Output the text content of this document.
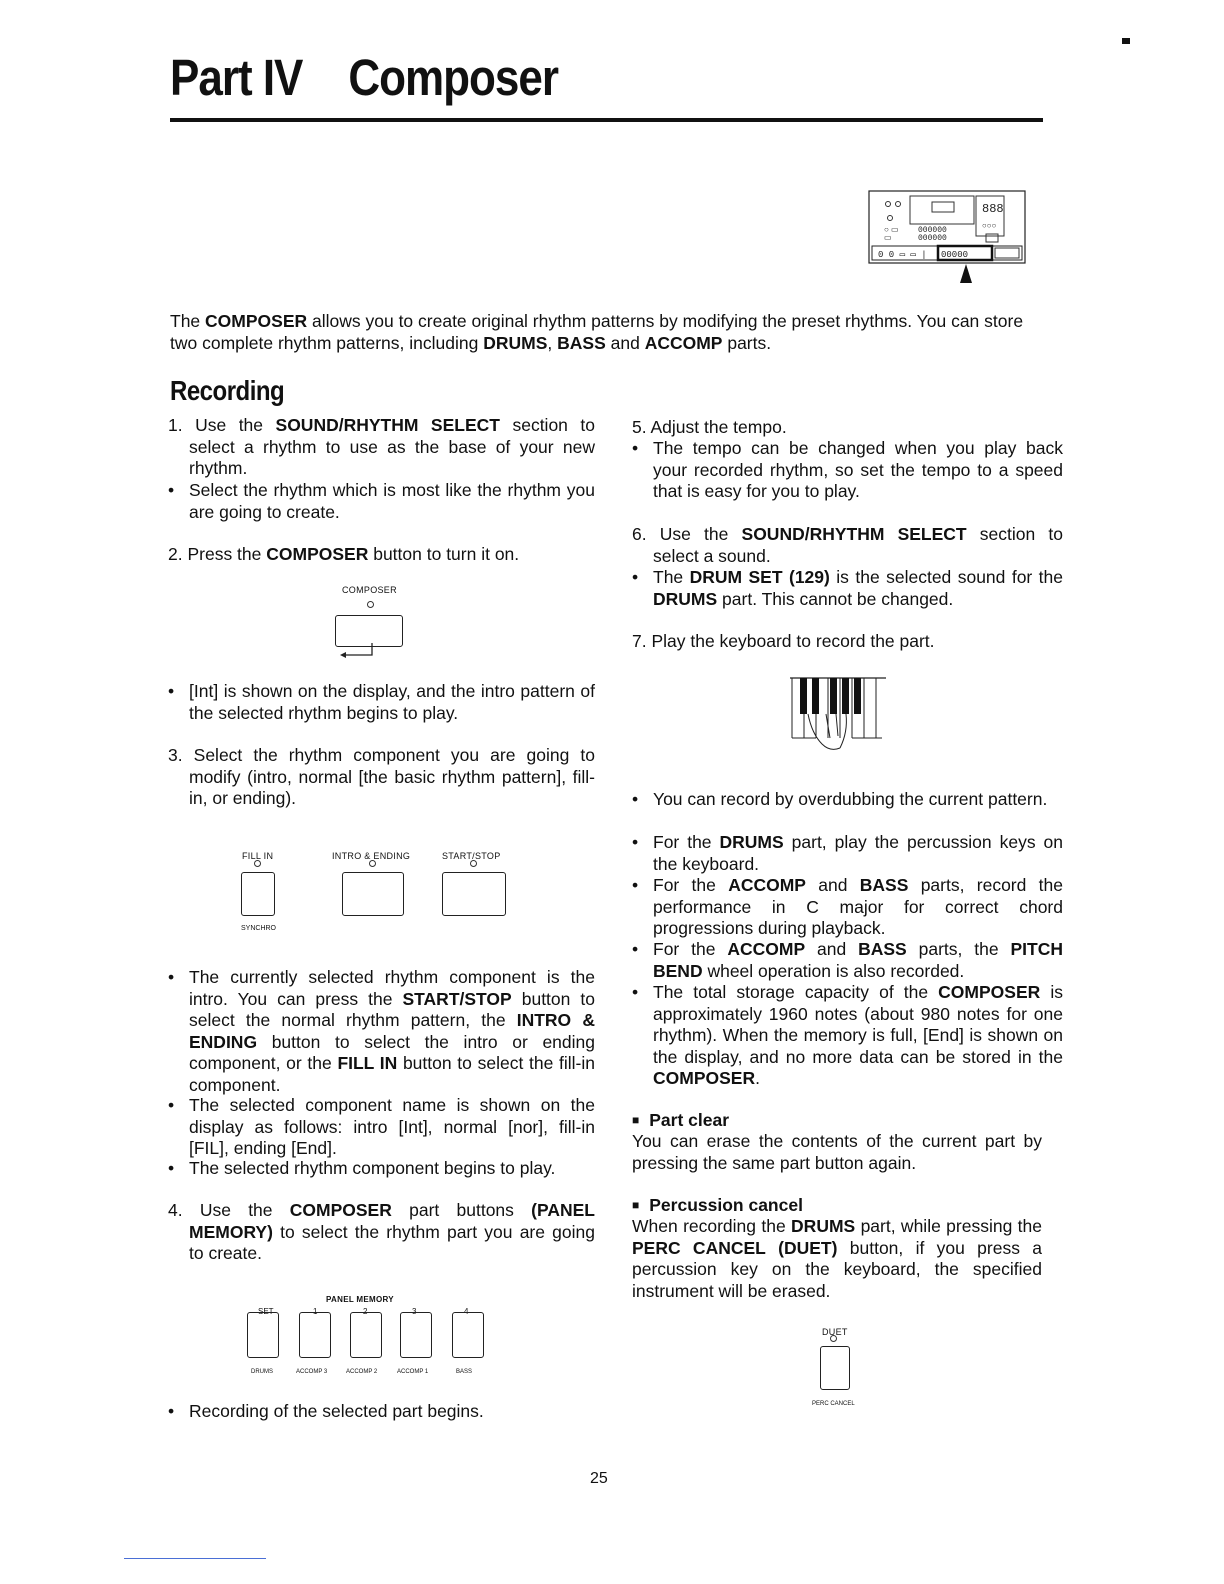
Part IV Composer
888
○○○
000000
000000
○ ▭
▭
0 0 ▭ ▭ | 00000
The COMPOSER allows you to create original rhythm patterns by modifying the preset rhythms. You can store two complete rhythm patterns, including DRUMS, BASS and ACCOMP parts.
Recording
1. Use the SOUND/RHYTHM SELECT section to select a rhythm to use as the base of your new rhythm.
• Select the rhythm which is most like the rhythm you are going to create.
2. Press the COMPOSER button to turn it on.
COMPOSER
• [Int] is shown on the display, and the intro pattern of the selected rhythm begins to play.
3. Select the rhythm component you are going to modify (intro, normal [the basic rhythm pattern], fill-in, or ending).
FILL IN	INTRO & ENDING	START/STOP
SYNCHRO
• The currently selected rhythm component is the intro. You can press the START/STOP button to select the normal rhythm pattern, the INTRO & ENDING button to select the intro or ending component, or the FILL IN button to select the fill-in component.
• The selected component name is shown on the display as follows: intro [Int], normal [nor], fill-in [FIL], ending [End].
• The selected rhythm component begins to play.
4. Use the COMPOSER part buttons (PANEL MEMORY) to select the rhythm part you are going to create.
PANEL MEMORY
SET	1	2	3	4
DRUMS	ACCOMP 3	ACCOMP 2	ACCOMP 1	BASS
• Recording of the selected part begins.
5. Adjust the tempo.
• The tempo can be changed when you play back your recorded rhythm, so set the tempo to a speed that is easy for you to play.
6. Use the SOUND/RHYTHM SELECT section to select a sound.
• The DRUM SET (129) is the selected sound for the DRUMS part. This cannot be changed.
7. Play the keyboard to record the part.
• You can record by overdubbing the current pattern.
• For the DRUMS part, play the percussion keys on the keyboard.
• For the ACCOMP and BASS parts, record the performance in C major for correct chord progressions during playback.
• For the ACCOMP and BASS parts, the PITCH BEND wheel operation is also recorded.
• The total storage capacity of the COMPOSER is approximately 1960 notes (about 980 notes for one rhythm). When the memory is full, [End] is shown on the display, and no more data can be stored in the COMPOSER.
■ Part clear
You can erase the contents of the current part by pressing the same part button again.
■ Percussion cancel
When recording the DRUMS part, while pressing the PERC CANCEL (DUET) button, if you press a percussion key on the keyboard, the specified instrument will be erased.
DUET
PERC CANCEL
25
